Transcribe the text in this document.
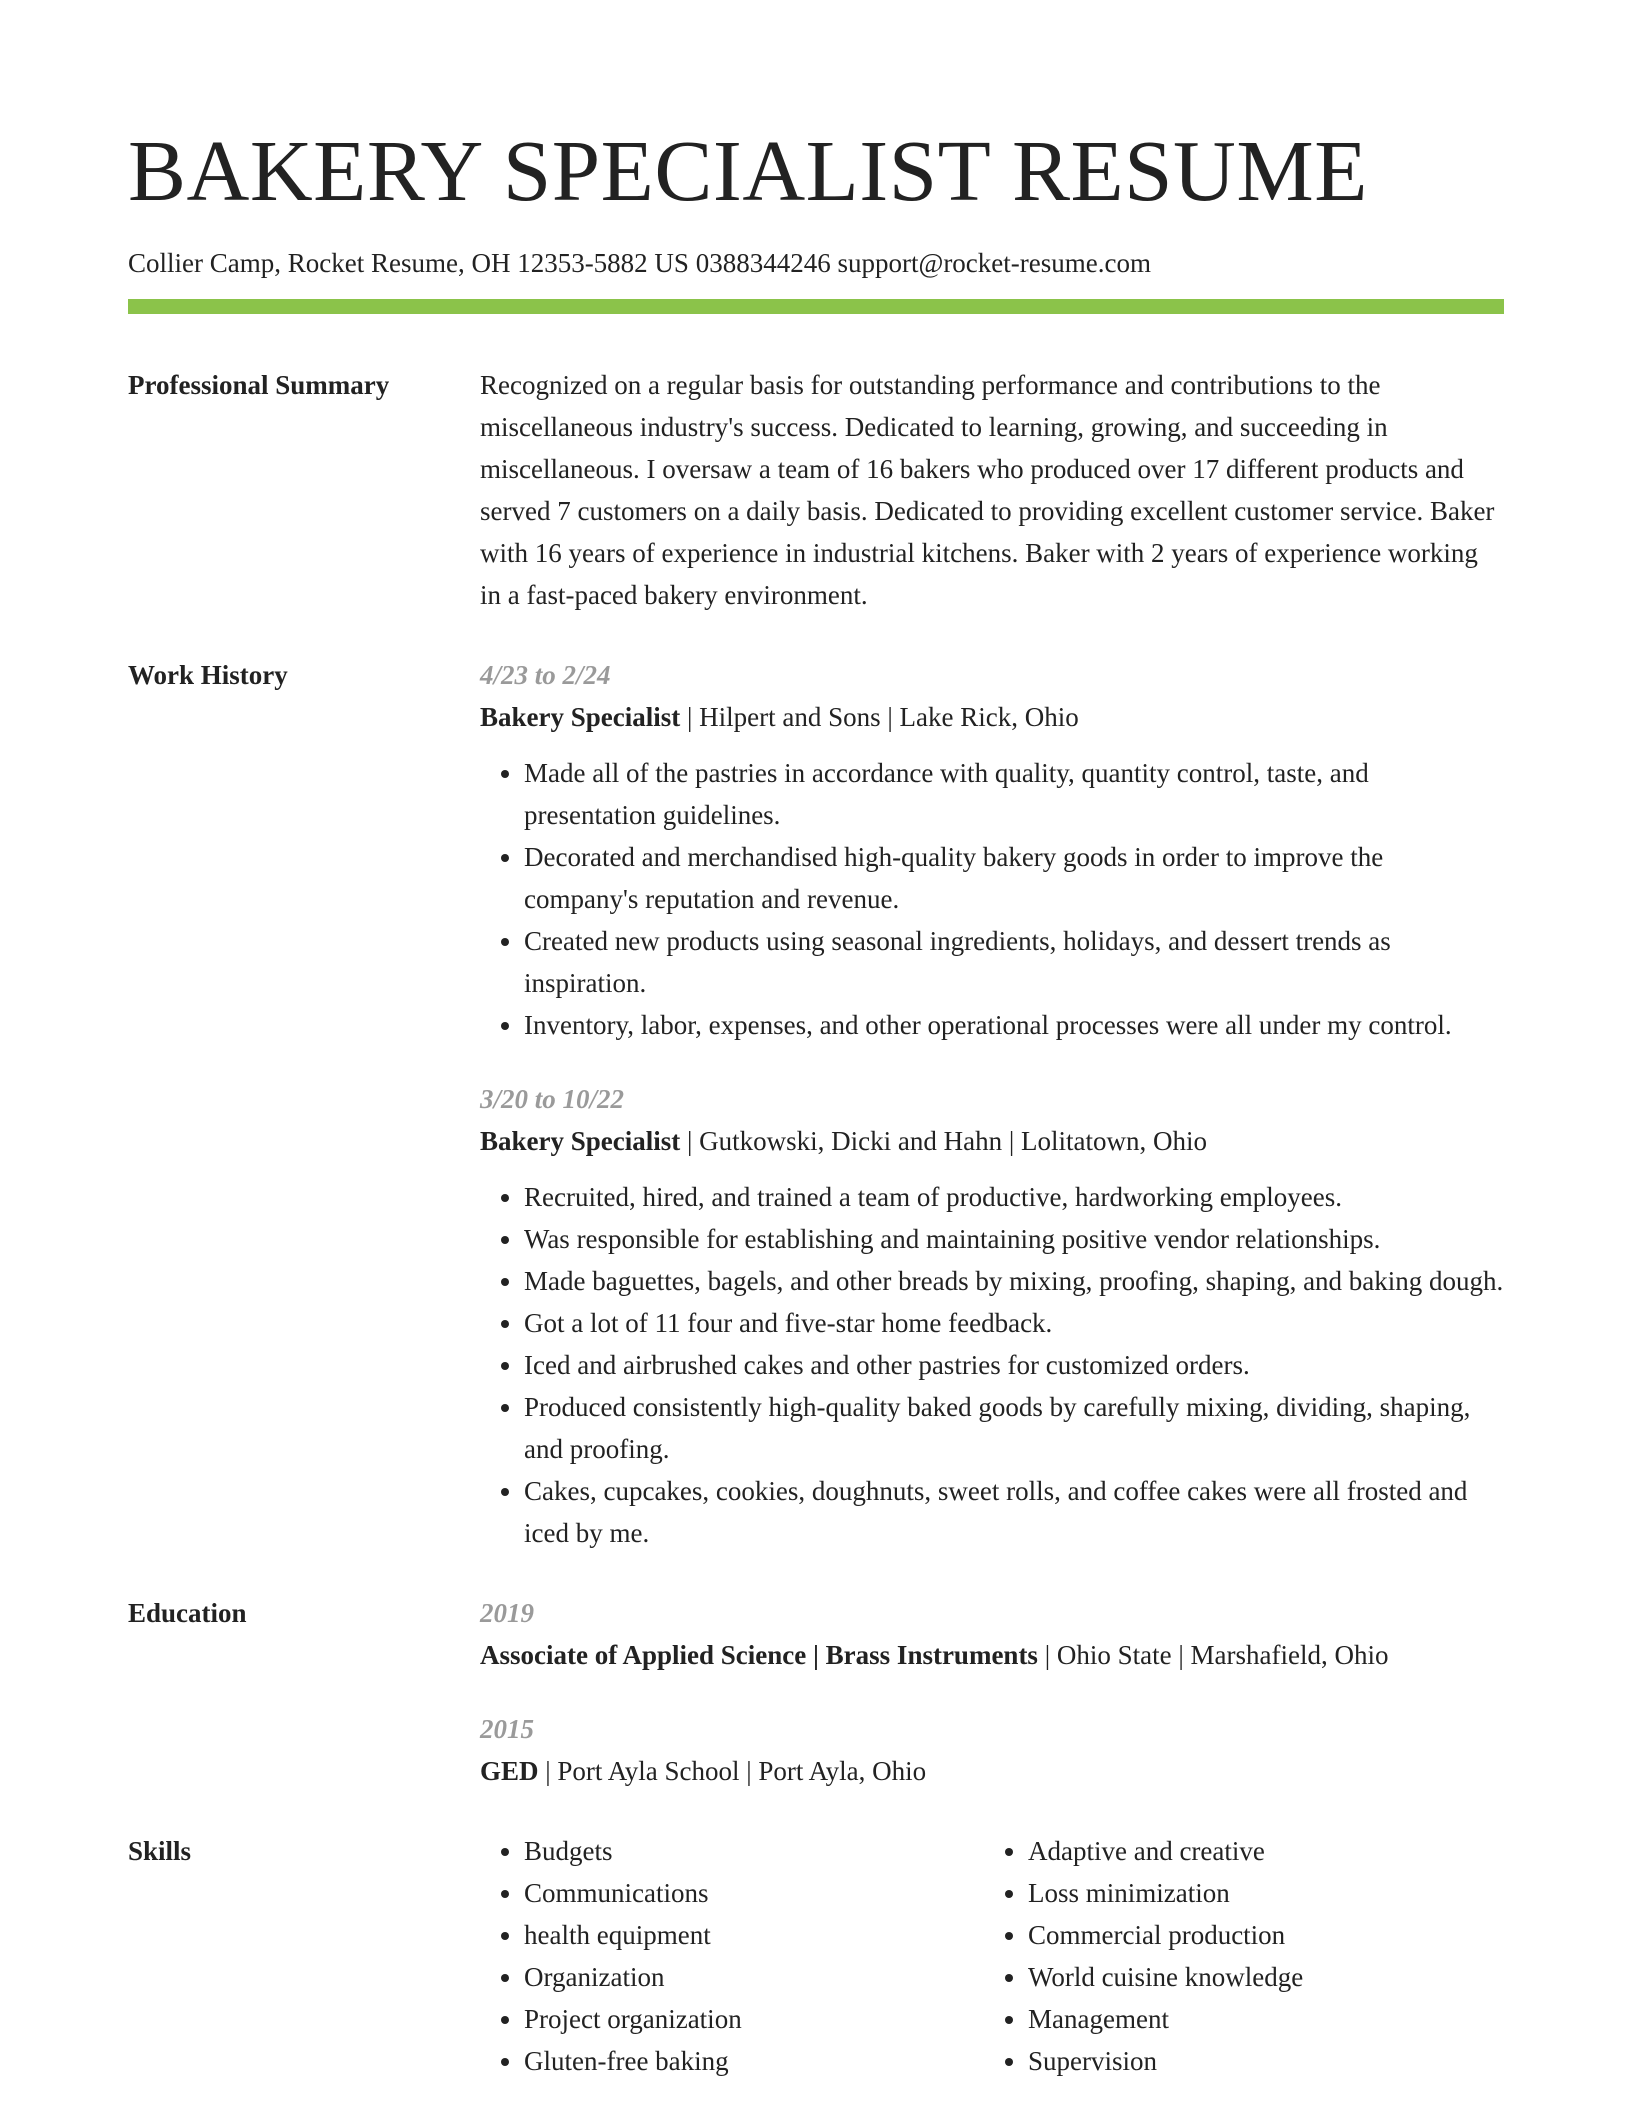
BAKERY SPECIALIST RESUME
Collier Camp, Rocket Resume, OH 12353-5882 US 0388344246 support@rocket-resume.com
Professional Summary	Recognized on a regular basis for outstanding performance and contributions to the miscellaneous industry's success. Dedicated to learning, growing, and succeeding in miscellaneous. I oversaw a team of 16 bakers who produced over 17 different products and served 7 customers on a daily basis. Dedicated to providing excellent customer service. Baker with 16 years of experience in industrial kitchens. Baker with 2 years of experience working in a fast-paced bakery environment.

Work History	4/23 to 2/24
Bakery Specialist | Hilpert and Sons | Lake Rick, Ohio
• Made all of the pastries in accordance with quality, quantity control, taste, and presentation guidelines.
• Decorated and merchandised high-quality bakery goods in order to improve the company's reputation and revenue.
• Created new products using seasonal ingredients, holidays, and dessert trends as inspiration.
• Inventory, labor, expenses, and other operational processes were all under my control.
3/20 to 10/22
Bakery Specialist | Gutkowski, Dicki and Hahn | Lolitatown, Ohio
• Recruited, hired, and trained a team of productive, hardworking employees.
• Was responsible for establishing and maintaining positive vendor relationships.
• Made baguettes, bagels, and other breads by mixing, proofing, shaping, and baking dough.
• Got a lot of 11 four and five-star home feedback.
• Iced and airbrushed cakes and other pastries for customized orders.
• Produced consistently high-quality baked goods by carefully mixing, dividing, shaping, and proofing.
• Cakes, cupcakes, cookies, doughnuts, sweet rolls, and coffee cakes were all frosted and iced by me.
Education	2019
Associate of Applied Science | Brass Instruments | Ohio State | Marshafield, Ohio
2015
GED | Port Ayla School | Port Ayla, Ohio
Skills
•	Budgets
• Communications
• health equipment
• Organization
• Project organization
• Gluten-free baking
• Adaptive and creative
• Loss minimization
• Commercial production
• World cuisine knowledge
• Management
• Supervision
